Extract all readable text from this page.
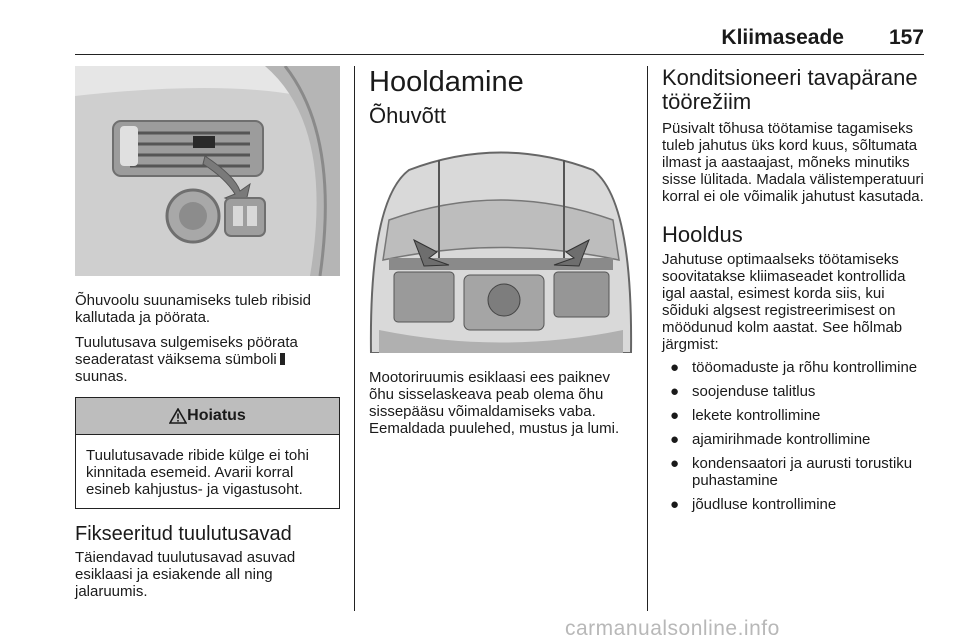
Kliimaseade 157

Õhuvoolu suunamiseks tuleb ribisid kallutada ja pöörata.

Tuulutusava sulgemiseks pöörata seaderatast väiksema sümboli
suunas.

Hoiatus

Tuulutusavade ribide külge ei tohi kinnitada esemeid. Avarii korral esineb kahjustus- ja vigastusoht.

Fikseeritud tuulutusavad

Täiendavad tuulutusavad asuvad esiklaasi ja esiakende all ning jalaruumis.

Hooldamine
Õhuvõtt

Mootoriruumis esiklaasi ees paiknev õhu sisselaskeava peab olema õhu sissepääsu võimaldamiseks vaba. Eemaldada puulehed, mustus ja lumi.

Konditsioneeri tavapärane töörežiim

Püsivalt tõhusa töötamise tagamiseks tuleb jahutus üks kord kuus, sõltumata ilmast ja aastaajast, mõneks minutiks sisse lülitada. Madala välistemperatuuri korral ei ole võimalik jahutust kasutada.

Hooldus

Jahutuse optimaalseks töötamiseks soovitatakse kliimaseadet kontrollida igal aastal, esimest korda siis, kui sõiduki algsest registreerimisest on möödunud kolm aastat. See hõlmab järgmist:

● tööomaduste ja rõhu kontrollimine
● soojenduse talitlus
● lekete kontrollimine
● ajamirihmade kontrollimine
● kondensaatori ja aurusti torustiku puhastamine
● jõudluse kontrollimine
carmanualsonline.info
